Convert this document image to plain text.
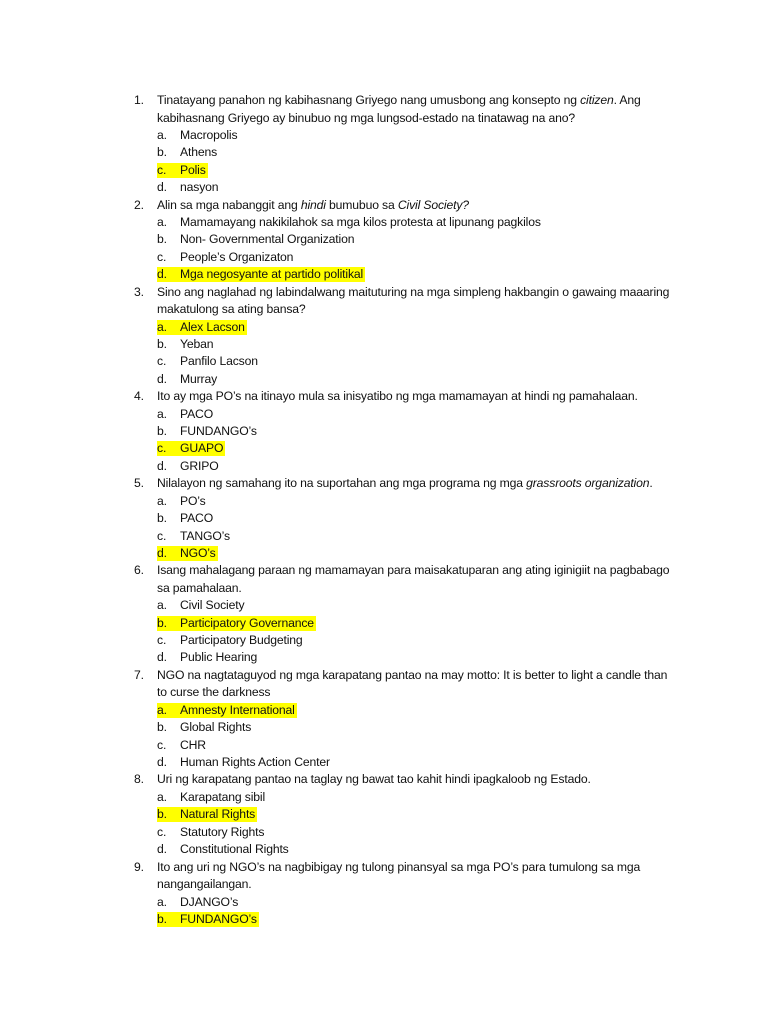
1.	Tinatayang panahon ng kabihasnang Griyego nang umusbong ang konsepto ng citizen. Ang kabihasnang Griyego ay binubuo ng mga lungsod-estado na tinatawag na ano?
a. Macropolis
b. Athens
c. Polis
d. nasyon
2.	Alin sa mga nabanggit ang hindi bumubuo sa Civil Society?
a. Mamamayang nakikilahok sa mga kilos protesta at lipunang pagkilos
b. Non- Governmental Organization
c. People’s Organizaton
d. Mga negosyante at partido politikal
3.	Sino ang naglahad ng labindalwang maituturing na mga simpleng hakbangin o gawaing maaaring makatulong sa ating bansa?
a. Alex Lacson
b. Yeban
c. Panfilo Lacson
d. Murray
4.	Ito ay mga PO’s na itinayo mula sa inisyatibo ng mga mamamayan at hindi ng pamahalaan.
a. PACO
b. FUNDANGO’s
c. GUAPO
d. GRIPO
5.	Nilalayon ng samahang ito na suportahan ang mga programa ng mga grassroots organization.
a. PO’s
b. PACO
c. TANGO’s
d. NGO’s
6.	Isang mahalagang paraan ng mamamayan para maisakatuparan ang ating iginigiit na pagbabago sa pamahalaan.
a. Civil Society
b. Participatory Governance
c. Participatory Budgeting
d. Public Hearing
7.	NGO na nagtataguyod ng mga karapatang pantao na may motto: It is better to light a candle than to curse the darkness
a. Amnesty International
b. Global Rights
c. CHR
d. Human Rights Action Center
8.	Uri ng karapatang pantao na taglay ng bawat tao kahit hindi ipagkaloob ng Estado.
a. Karapatang sibil
b. Natural Rights
c. Statutory Rights
d. Constitutional Rights
9.	Ito ang uri ng NGO’s na nagbibigay ng tulong pinansyal sa mga PO’s para tumulong sa mga nangangailangan.
a. DJANGO’s
b. FUNDANGO’s
